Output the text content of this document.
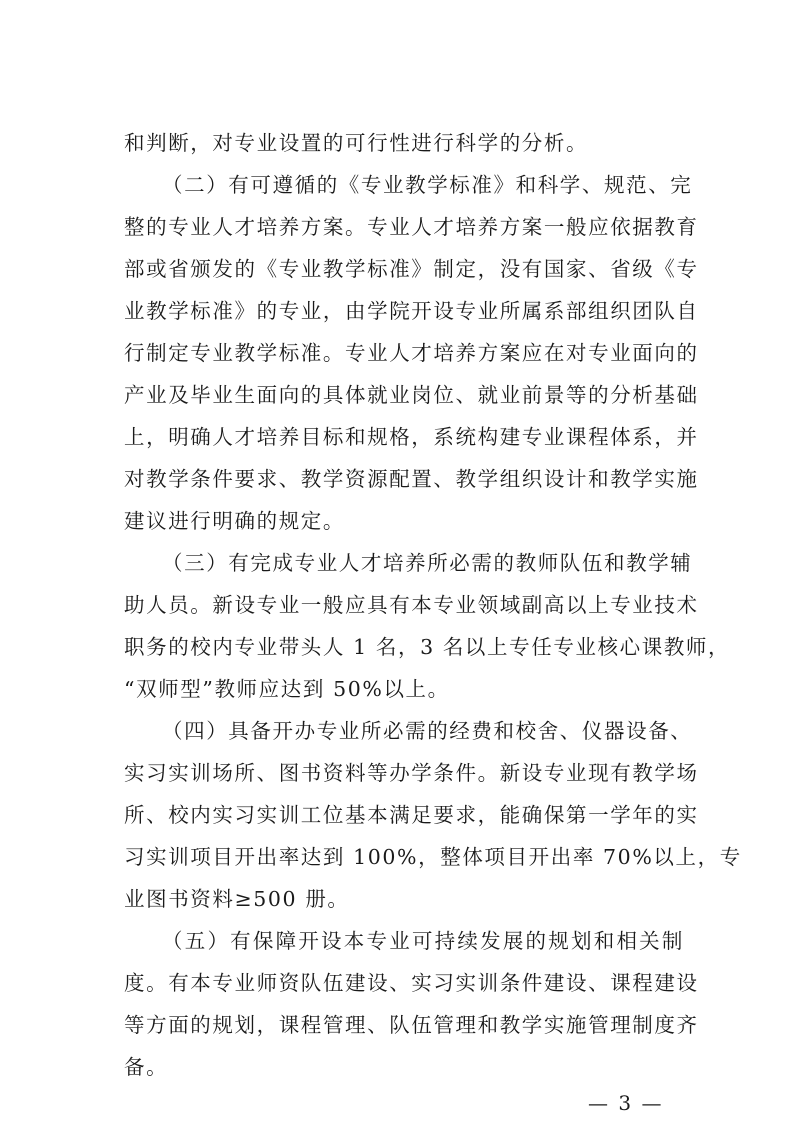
和判断，对专业设置的可行性进行科学的分析。
（二）有可遵循的《专业教学标准》和科学、规范、完
整的专业人才培养方案。专业人才培养方案一般应依据教育
部或省颁发的《专业教学标准》制定，没有国家、省级《专
业教学标准》的专业，由学院开设专业所属系部组织团队自
行制定专业教学标准。专业人才培养方案应在对专业面向的
产业及毕业生面向的具体就业岗位、就业前景等的分析基础
上，明确人才培养目标和规格，系统构建专业课程体系，并
对教学条件要求、教学资源配置、教学组织设计和教学实施
建议进行明确的规定。
（三）有完成专业人才培养所必需的教师队伍和教学辅
助人员。新设专业一般应具有本专业领域副高以上专业技术
职务的校内专业带头人 1 名，3 名以上专任专业核心课教师，
“双师型”教师应达到 50%以上。
（四）具备开办专业所必需的经费和校舍、仪器设备、
实习实训场所、图书资料等办学条件。新设专业现有教学场
所、校内实习实训工位基本满足要求，能确保第一学年的实
习实训项目开出率达到 100%，整体项目开出率 70%以上，专
业图书资料≥500 册。
（五）有保障开设本专业可持续发展的规划和相关制
度。有本专业师资队伍建设、实习实训条件建设、课程建设
等方面的规划，课程管理、队伍管理和教学实施管理制度齐
备。
— 3 —
